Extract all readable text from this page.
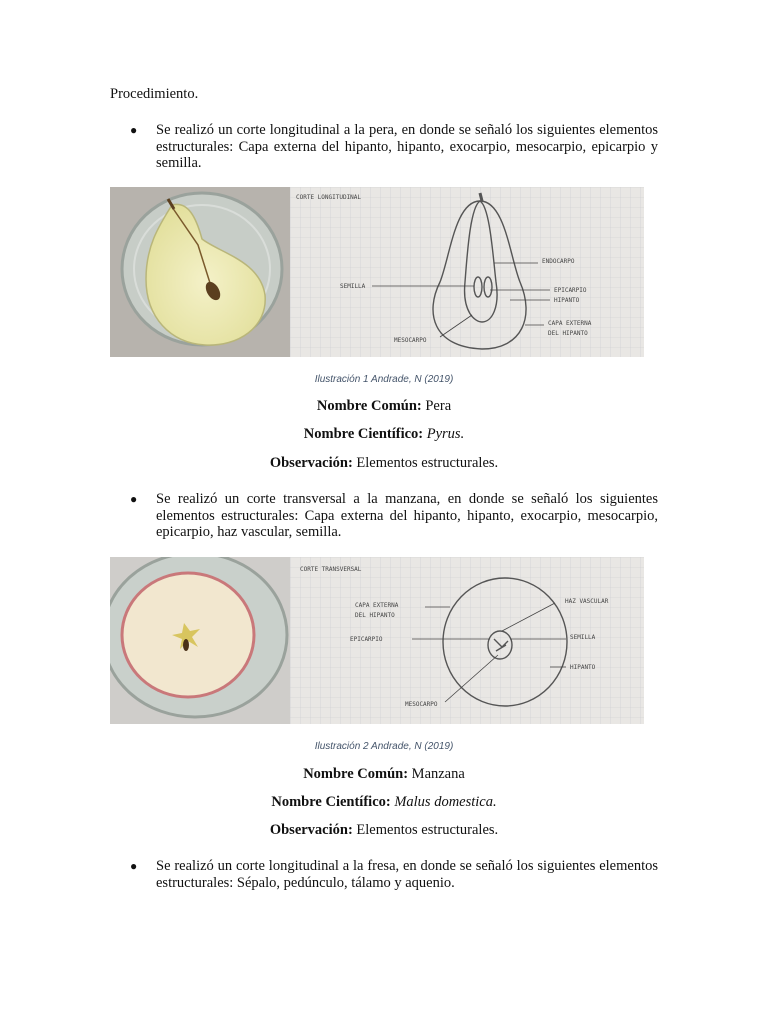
Procedimiento.
● Se realizó un corte longitudinal a la pera, en donde se señaló los siguientes elementos estructurales: Capa externa del hipanto, hipanto, exocarpio, mesocarpio, epicarpio y semilla.
CORTE LONGITUDINAL
SEMILLA
ENDOCARPO
EPICARPIO
HIPANTO
CAPA EXTERNA
DEL HIPANTO
MESOCARPO
Ilustración 1 Andrade, N (2019)
Nombre Común: Pera
Nombre Científico: Pyrus.
Observación: Elementos estructurales.
● Se realizó un corte transversal a la manzana, en donde se señaló los siguientes elementos estructurales: Capa externa del hipanto, hipanto, exocarpio, mesocarpio, epicarpio, haz vascular, semilla.
CORTE TRANSVERSAL
CAPA EXTERNA
DEL HIPANTO
HAZ VASCULAR
EPICARPIO	SEMILLA
HIPANTO
MESOCARPO
Ilustración 2 Andrade, N (2019)
Nombre Común: Manzana
Nombre Científico: Malus domestica.
Observación: Elementos estructurales.
● Se realizó un corte longitudinal a la fresa, en donde se señaló los siguientes elementos estructurales: Sépalo, pedúnculo, tálamo y aquenio.
